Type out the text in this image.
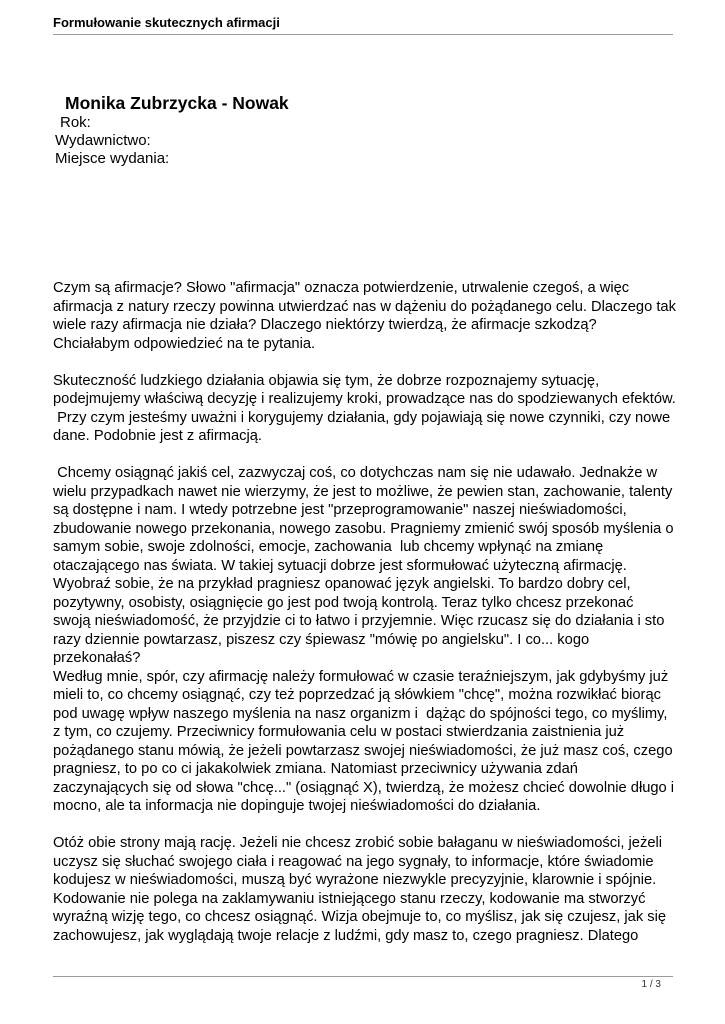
Formułowanie skutecznych afirmacji
Monika Zubrzycka - Nowak
Rok:
Wydawnictwo:
Miejsce wydania:
Czym są afirmacje? Słowo "afirmacja" oznacza potwierdzenie, utrwalenie czegoś, a więc
afirmacja z natury rzeczy powinna utwierdzać nas w dążeniu do pożądanego celu. Dlaczego tak
wiele razy afirmacja nie działa? Dlaczego niektórzy twierdzą, że afirmacje szkodzą?
Chciałabym odpowiedzieć na te pytania.
Skuteczność ludzkiego działania objawia się tym, że dobrze rozpoznajemy sytuację,
podejmujemy właściwą decyzję i realizujemy kroki, prowadzące nas do spodziewanych efektów.
Przy czym jesteśmy uważni i korygujemy działania, gdy pojawiają się nowe czynniki, czy nowe
dane. Podobnie jest z afirmacją.
Chcemy osiągnąć jakiś cel, zazwyczaj coś, co dotychczas nam się nie udawało. Jednakże w
wielu przypadkach nawet nie wierzymy, że jest to możliwe, że pewien stan, zachowanie, talenty
są dostępne i nam. I wtedy potrzebne jest "przeprogramowanie" naszej nieświadomości,
zbudowanie nowego przekonania, nowego zasobu. Pragniemy zmienić swój sposób myślenia o
samym sobie, swoje zdolności, emocje, zachowania  lub chcemy wpłynąć na zmianę
otaczającego nas świata. W takiej sytuacji dobrze jest sformułować użyteczną afirmację.
Wyobraź sobie, że na przykład pragniesz opanować język angielski. To bardzo dobry cel,
pozytywny, osobisty, osiągnięcie go jest pod twoją kontrolą. Teraz tylko chcesz przekonać
swoją nieświadomość, że przyjdzie ci to łatwo i przyjemnie. Więc rzucasz się do działania i sto
razy dziennie powtarzasz, piszesz czy śpiewasz "mówię po angielsku". I co... kogo
przekonałaś?
Według mnie, spór, czy afirmację należy formułować w czasie teraźniejszym, jak gdybyśmy już
mieli to, co chcemy osiągnąć, czy też poprzedzać ją słówkiem "chcę", można rozwikłać biorąc
pod uwagę wpływ naszego myślenia na nasz organizm i  dążąc do spójności tego, co myślimy,
z tym, co czujemy. Przeciwnicy formułowania celu w postaci stwierdzania zaistnienia już
pożądanego stanu mówią, że jeżeli powtarzasz swojej nieświadomości, że już masz coś, czego
pragniesz, to po co ci jakakolwiek zmiana. Natomiast przeciwnicy używania zdań
zaczynających się od słowa "chcę..." (osiągnąć X), twierdzą, że możesz chcieć dowolnie długo i
mocno, ale ta informacja nie dopinguje twojej nieświadomości do działania.
Otóż obie strony mają rację. Jeżeli nie chcesz zrobić sobie bałaganu w nieświadomości, jeżeli
uczysz się słuchać swojego ciała i reagować na jego sygnały, to informacje, które świadomie
kodujesz w nieświadomości, muszą być wyrażone niezwykle precyzyjnie, klarownie i spójnie.
Kodowanie nie polega na zaklamywaniu istniejącego stanu rzeczy, kodowanie ma stworzyć
wyraźną wizję tego, co chcesz osiągnąć. Wizja obejmuje to, co myślisz, jak się czujesz, jak się
zachowujesz, jak wyglądają twoje relacje z ludźmi, gdy masz to, czego pragniesz. Dlatego
1 / 3
